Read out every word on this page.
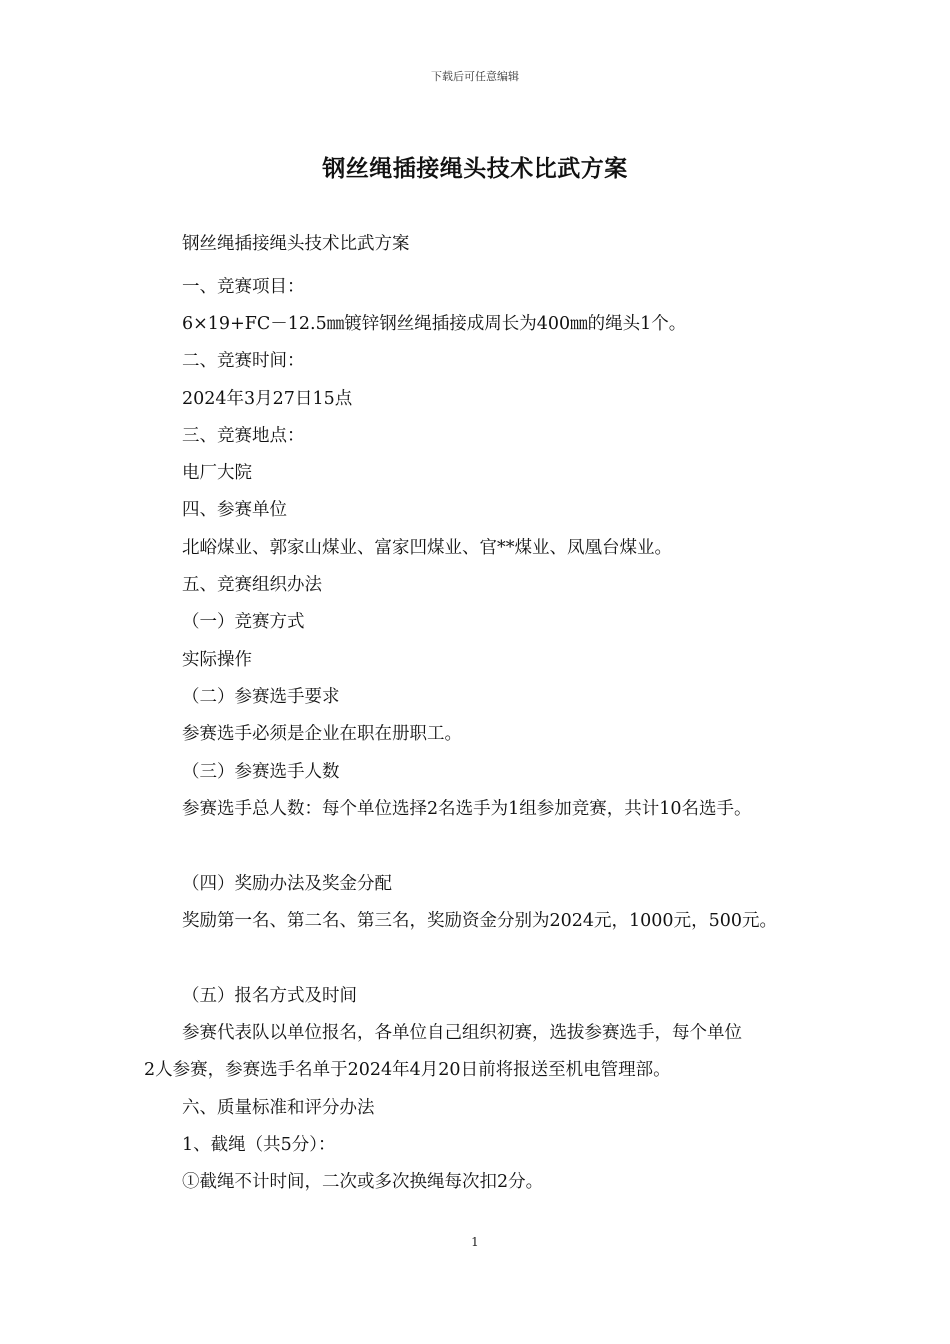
下载后可任意编辑
钢丝绳插接绳头技术比武方案
钢丝绳插接绳头技术比武方案
一、竞赛项目：
6×19+FC－12.5㎜镀锌钢丝绳插接成周长为400㎜的绳头1个。
二、竞赛时间：
2024年3月27日15点
三、竞赛地点：
电厂大院
四、参赛单位
北峪煤业、郭家山煤业、富家凹煤业、官**煤业、凤凰台煤业。
五、竞赛组织办法
（一）竞赛方式
实际操作
（二）参赛选手要求
参赛选手必须是企业在职在册职工。
（三）参赛选手人数
参赛选手总人数：每个单位选择2名选手为1组参加竞赛，共计10名选手。
（四）奖励办法及奖金分配
奖励第一名、第二名、第三名，奖励资金分别为2024元，1000元，500元。
（五）报名方式及时间
参赛代表队以单位报名，各单位自己组织初赛，选拔参赛选手，每个单位
2人参赛，参赛选手名单于2024年4月20日前将报送至机电管理部。
六、质量标准和评分办法
1、截绳（共5分）：
①截绳不计时间，二次或多次换绳每次扣2分。
1
